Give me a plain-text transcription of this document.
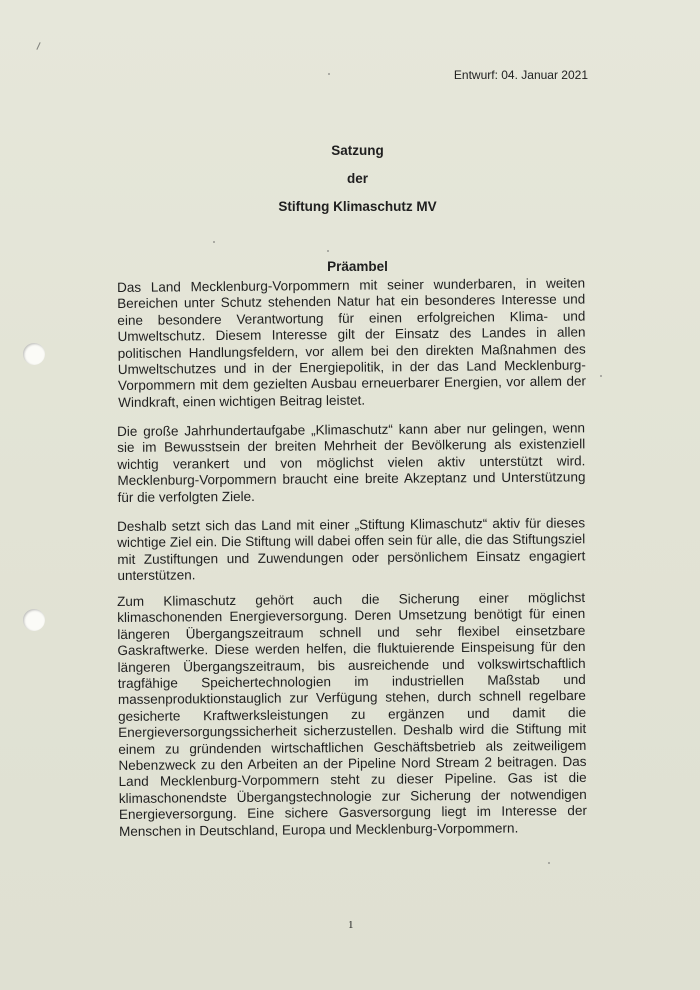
Entwurf: 04. Januar 2021
Satzung
der
Stiftung Klimaschutz MV
Präambel
Das Land Mecklenburg-Vorpommern mit seiner wunderbaren, in weiten Bereichen unter Schutz stehenden Natur hat ein besonderes Interesse und eine besondere Verantwortung für einen erfolgreichen Klima- und Umweltschutz. Diesem Interesse gilt der Einsatz des Landes in allen politischen Handlungsfeldern, vor allem bei den direkten Maßnahmen des Umweltschutzes und in der Energiepolitik, in der das Land Mecklenburg-Vorpommern mit dem gezielten Ausbau erneuerbarer Energien, vor allem der Windkraft, einen wichtigen Beitrag leistet.
Die große Jahrhundertaufgabe „Klimaschutz“ kann aber nur gelingen, wenn sie im Bewusstsein der breiten Mehrheit der Bevölkerung als existenziell wichtig verankert und von möglichst vielen aktiv unterstützt wird. Mecklenburg-Vorpommern braucht eine breite Akzeptanz und Unterstützung für die verfolgten Ziele.
Deshalb setzt sich das Land mit einer „Stiftung Klimaschutz“ aktiv für dieses wichtige Ziel ein. Die Stiftung will dabei offen sein für alle, die das Stiftungsziel mit Zustiftungen und Zuwendungen oder persönlichem Einsatz engagiert unterstützen.
Zum Klimaschutz gehört auch die Sicherung einer möglichst klimaschonenden Energieversorgung. Deren Umsetzung benötigt für einen längeren Übergangszeitraum schnell und sehr flexibel einsetzbare Gaskraftwerke. Diese werden helfen, die fluktuierende Einspeisung für den längeren Übergangszeitraum, bis ausreichende und volkswirtschaftlich tragfähige Speichertechnologien im industriellen Maßstab und massenproduktionstauglich zur Verfügung stehen, durch schnell regelbare gesicherte Kraftwerksleistungen zu ergänzen und damit die Energieversorgungssicherheit sicherzustellen. Deshalb wird die Stiftung mit einem zu gründenden wirtschaftlichen Geschäftsbetrieb als zeitweiligem Nebenzweck zu den Arbeiten an der Pipeline Nord Stream 2 beitragen. Das Land Mecklenburg-Vorpommern steht zu dieser Pipeline. Gas ist die klimaschonendste Übergangstechnologie zur Sicherung der notwendigen Energieversorgung. Eine sichere Gasversorgung liegt im Interesse der Menschen in Deutschland, Europa und Mecklenburg-Vorpommern.
1
